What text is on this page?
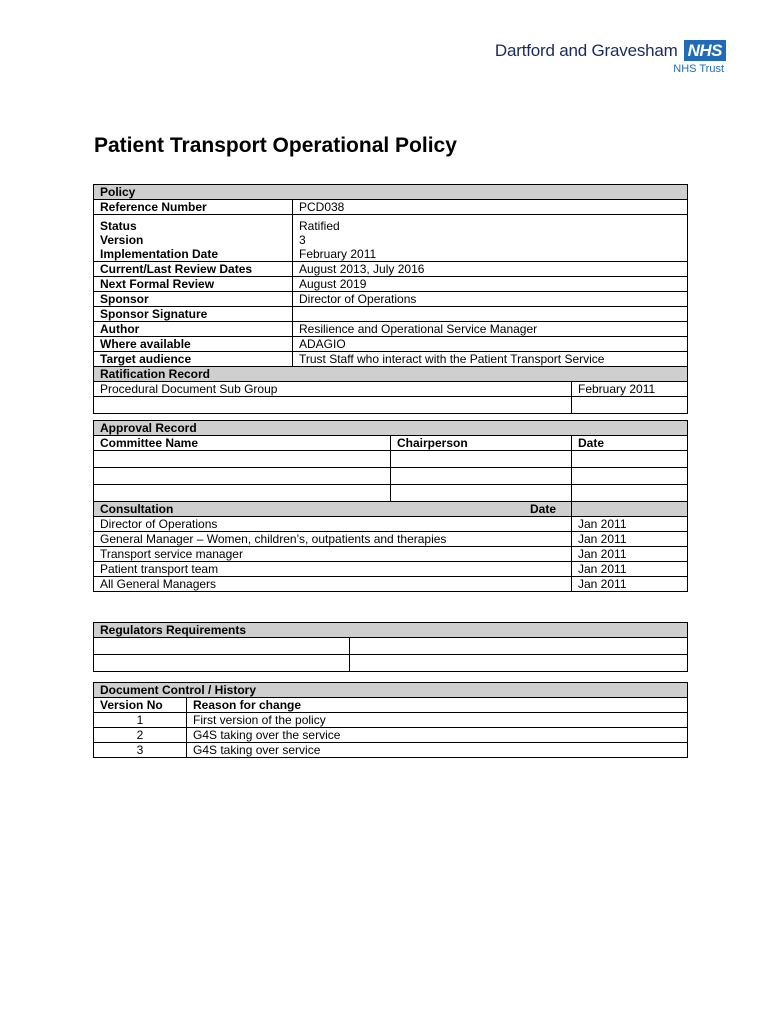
Dartford and Gravesham NHS
NHS Trust
Patient Transport Operational Policy
Policy			
Reference Number	PCD038		

Status	Ratified		
Version	3		
Implementation Date	February 2011		
Current/Last Review Dates	August 2013, July 2016		
Next Formal Review	August 2019		
Sponsor	Director of Operations		
Sponsor Signature			
Author	Resilience and Operational Service Manager		
Where available	ADAGIO		
Target audience	Trust Staff who interact with the Patient Transport Service		
Ratification Record			
Procedural Document Sub Group			February 2011

Approval Record			
Committee Name		Chairperson	Date

Consultation			Date
Director of Operations			Jan 2011
General Manager – Women, children’s, outpatients and therapies			Jan 2011
Transport service manager			Jan 2011
Patient transport team			Jan 2011
All General Managers			Jan 2011
Regulators Requirements	

Document Control / History	
Version No	Reason for change
1	First version of the policy
2	G4S taking over the service
3	G4S taking over service
